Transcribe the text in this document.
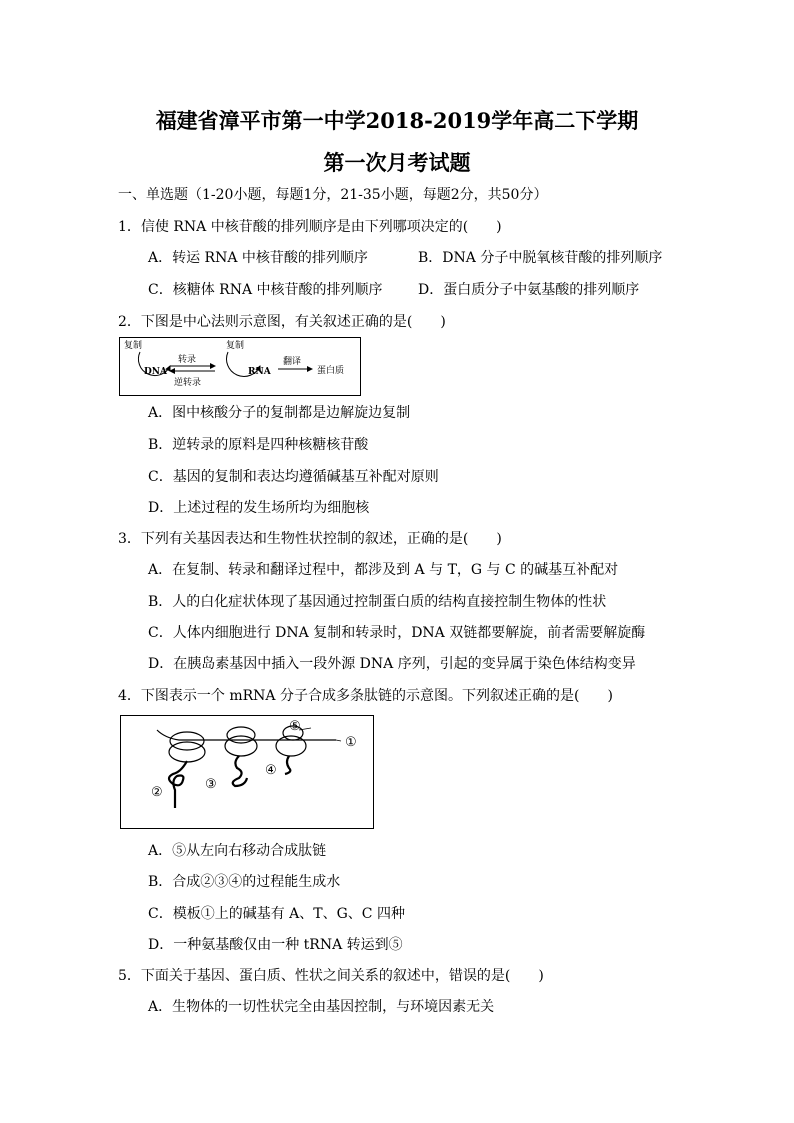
福建省漳平市第一中学2018-2019学年高二下学期
第一次月考试题
一、单选题（1-20小题，每题1分，21-35小题，每题2分，共50分）
1．信使 RNA 中核苷酸的排列顺序是由下列哪项决定的(　　)
A．转运 RNA 中核苷酸的排列顺序	B．DNA 分子中脱氧核苷酸的排列顺序
C．核糖体 RNA 中核苷酸的排列顺序	D．蛋白质分子中氨基酸的排列顺序
2．下图是中心法则示意图，有关叙述正确的是(　　)
复制	复制
DNA	RNA
转录
逆转录
翻译
蛋白质
A．图中核酸分子的复制都是边解旋边复制
B．逆转录的原料是四种核糖核苷酸
C．基因的复制和表达均遵循碱基互补配对原则
D．上述过程的发生场所均为细胞核
3．下列有关基因表达和生物性状控制的叙述，正确的是(　　)
A．在复制、转录和翻译过程中，都涉及到 A 与 T，G 与 C 的碱基互补配对
B．人的白化症状体现了基因通过控制蛋白质的结构直接控制生物体的性状
C．人体内细胞进行 DNA 复制和转录时，DNA 双链都要解旋，前者需要解旋酶
D．在胰岛素基因中插入一段外源 DNA 序列，引起的变异属于染色体结构变异
4．下图表示一个 mRNA 分子合成多条肽链的示意图。下列叙述正确的是(　　)
①
②
③
④
⑤
A．⑤从左向右移动合成肽链
B．合成②③④的过程能生成水
C．模板①上的碱基有 A、T、G、C 四种
D．一种氨基酸仅由一种 tRNA 转运到⑤
5．下面关于基因、蛋白质、性状之间关系的叙述中，错误的是(　　)
A．生物体的一切性状完全由基因控制，与环境因素无关
